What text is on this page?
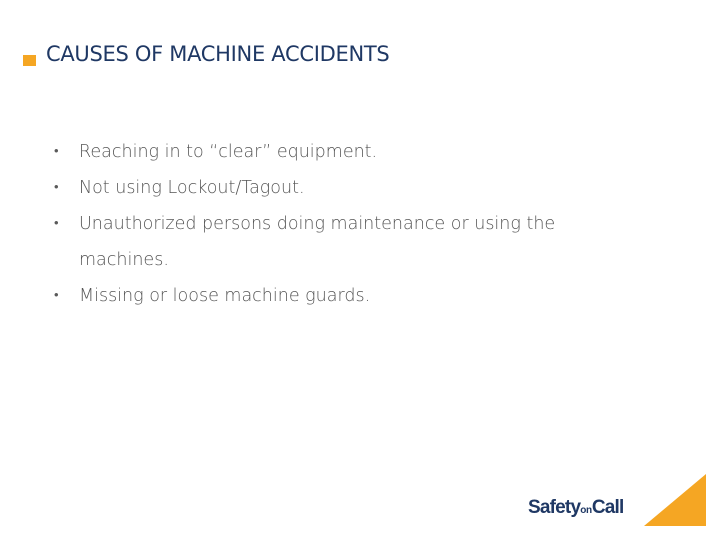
CAUSES OF MACHINE ACCIDENTS
• Reaching in to “clear” equipment.
• Not using Lockout/Tagout.
• Unauthorized persons doing maintenance or using the machines.
• Missing or loose machine guards.
SafetyonCall
